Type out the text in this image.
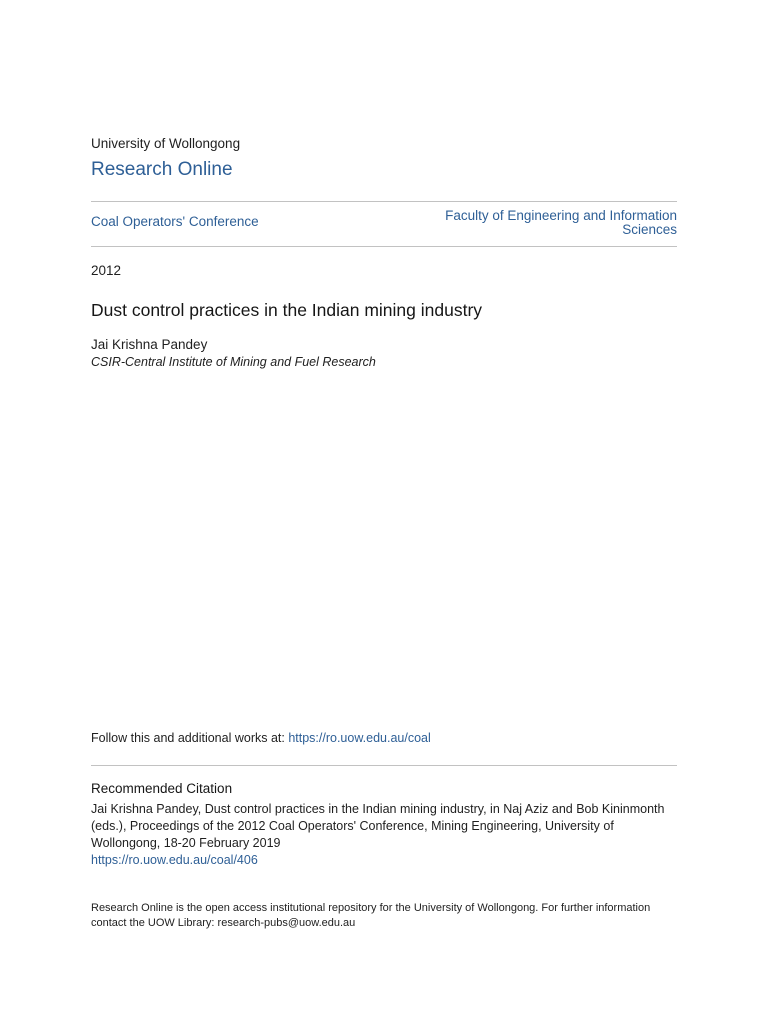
University of Wollongong
Research Online
Coal Operators' Conference	Faculty of Engineering and Information
Sciences
2012
Dust control practices in the Indian mining industry
Jai Krishna Pandey
CSIR-Central Institute of Mining and Fuel Research
Follow this and additional works at: https://ro.uow.edu.au/coal
Recommended Citation
Jai Krishna Pandey, Dust control practices in the Indian mining industry, in Naj Aziz and Bob Kininmonth
(eds.), Proceedings of the 2012 Coal Operators' Conference, Mining Engineering, University of
Wollongong, 18-20 February 2019
https://ro.uow.edu.au/coal/406
Research Online is the open access institutional repository for the University of Wollongong. For further information
contact the UOW Library: research-pubs@uow.edu.au
